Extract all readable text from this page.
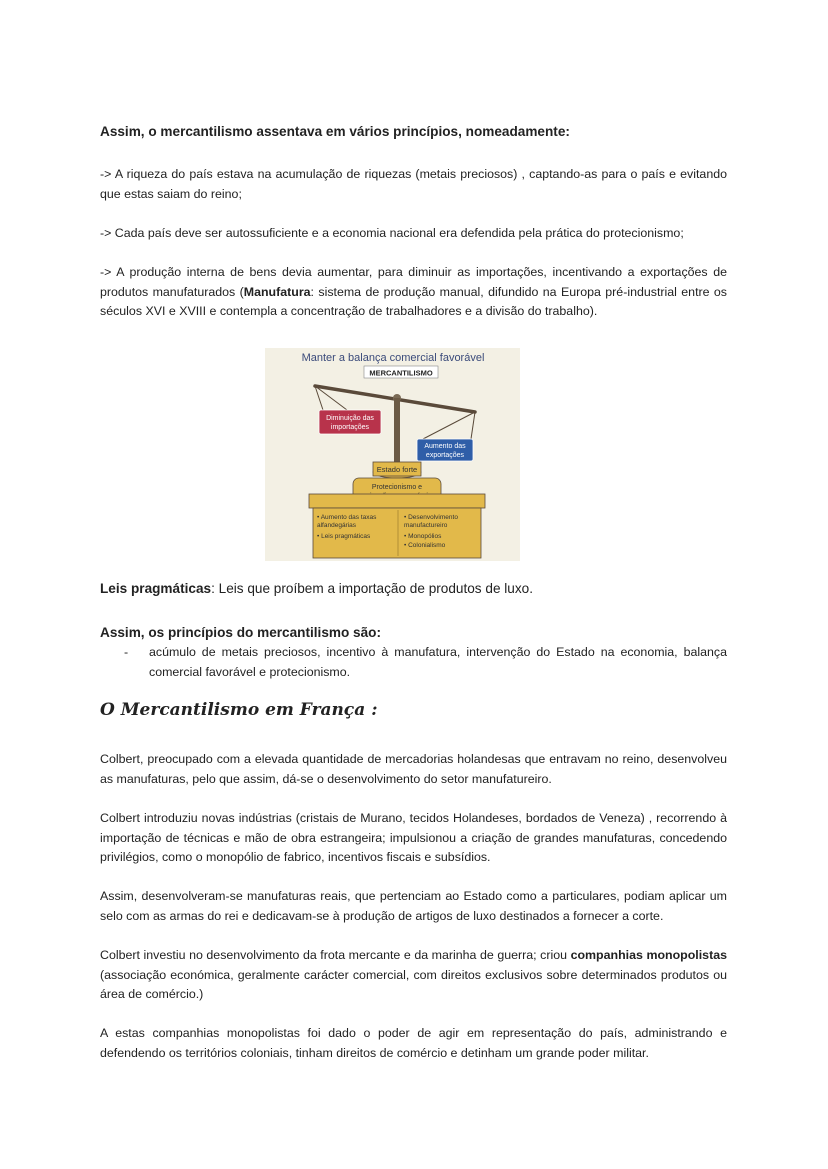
Assim, o mercantilismo assentava em vários princípios, nomeadamente:

-> A riqueza do país estava na acumulação de riquezas (metais preciosos) , captando-as para o país e evitando que estas saiam do reino;

-> Cada país deve ser autossuficiente e a economia nacional era defendida pela prática do protecionismo;

-> A produção interna de bens devia aumentar, para diminuir as importações, incentivando a exportações de produtos manufaturados (Manufatura: sistema de produção manual, difundido na Europa pré-industrial entre os séculos XVI e XVIII e contempla a concentração de trabalhadores e a divisão do trabalho).

Manter a balança comercial favorável
MERCANTILISMO
Diminuição das
importações
Aumento das
exportações
Estado forte
Protecionismo e
• Aumento das taxas
alfandegárias
• Leis pragmáticas
• Desenvolvimento
manufactureiro
• Monopólios
• Colonialismo

Leis pragmáticas: Leis que proíbem a importação de produtos de luxo.

Assim, os princípios do mercantilismo são:

-	acúmulo de metais preciosos, incentivo à manufatura, intervenção do Estado na economia, balança comercial favorável e protecionismo.

O Mercantilismo em França :

Colbert, preocupado com a elevada quantidade de mercadorias holandesas que entravam no reino, desenvolveu as manufaturas, pelo que assim, dá-se o desenvolvimento do setor manufatureiro.

Colbert introduziu novas indústrias (cristais de Murano, tecidos Holandeses, bordados de Veneza) , recorrendo à importação de técnicas e mão de obra estrangeira; impulsionou a criação de grandes manufaturas, concedendo privilégios, como o monopólio de fabrico, incentivos fiscais e subsídios.

Assim, desenvolveram-se manufaturas reais, que pertenciam ao Estado como a particulares, podiam aplicar um selo com as armas do rei e dedicavam-se à produção de artigos de luxo destinados a fornecer a corte.

Colbert investiu no desenvolvimento da frota mercante e da marinha de guerra; criou companhias monopolistas (associação económica, geralmente carácter comercial, com direitos exclusivos sobre determinados produtos ou área de comércio.)

A estas companhias monopolistas foi dado o poder de agir em representação do país, administrando e defendendo os territórios coloniais, tinham direitos de comércio e detinham um grande poder militar.
